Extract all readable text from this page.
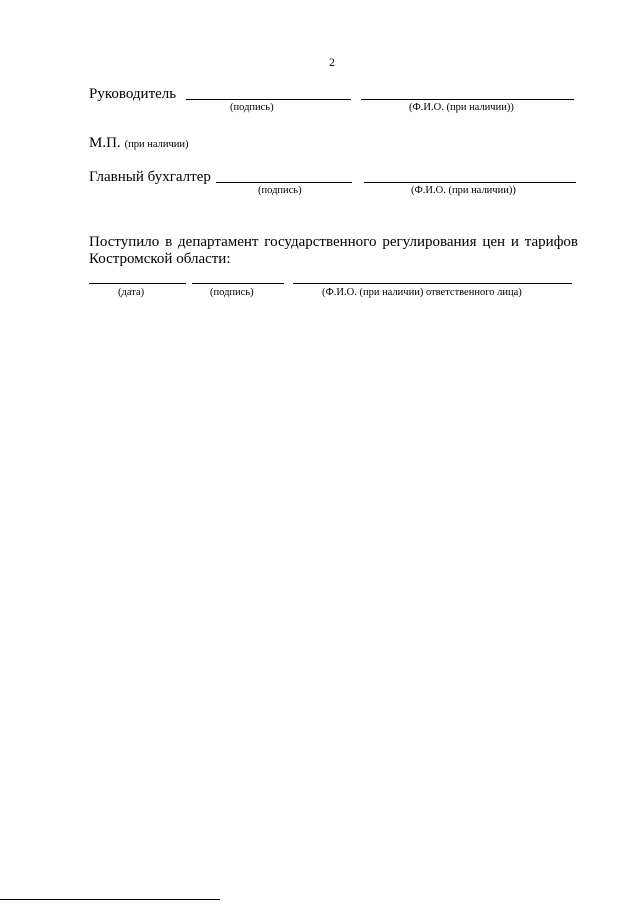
2
Руководитель
(подпись)	(Ф.И.О. (при наличии))
М.П. (при наличии)
Главный бухгалтер
(подпись)	(Ф.И.О. (при наличии))
Поступило в департамент государственного регулирования цен и тарифов
Костромской области:
(дата)	(подпись)	(Ф.И.О. (при наличии) ответственного лица)
